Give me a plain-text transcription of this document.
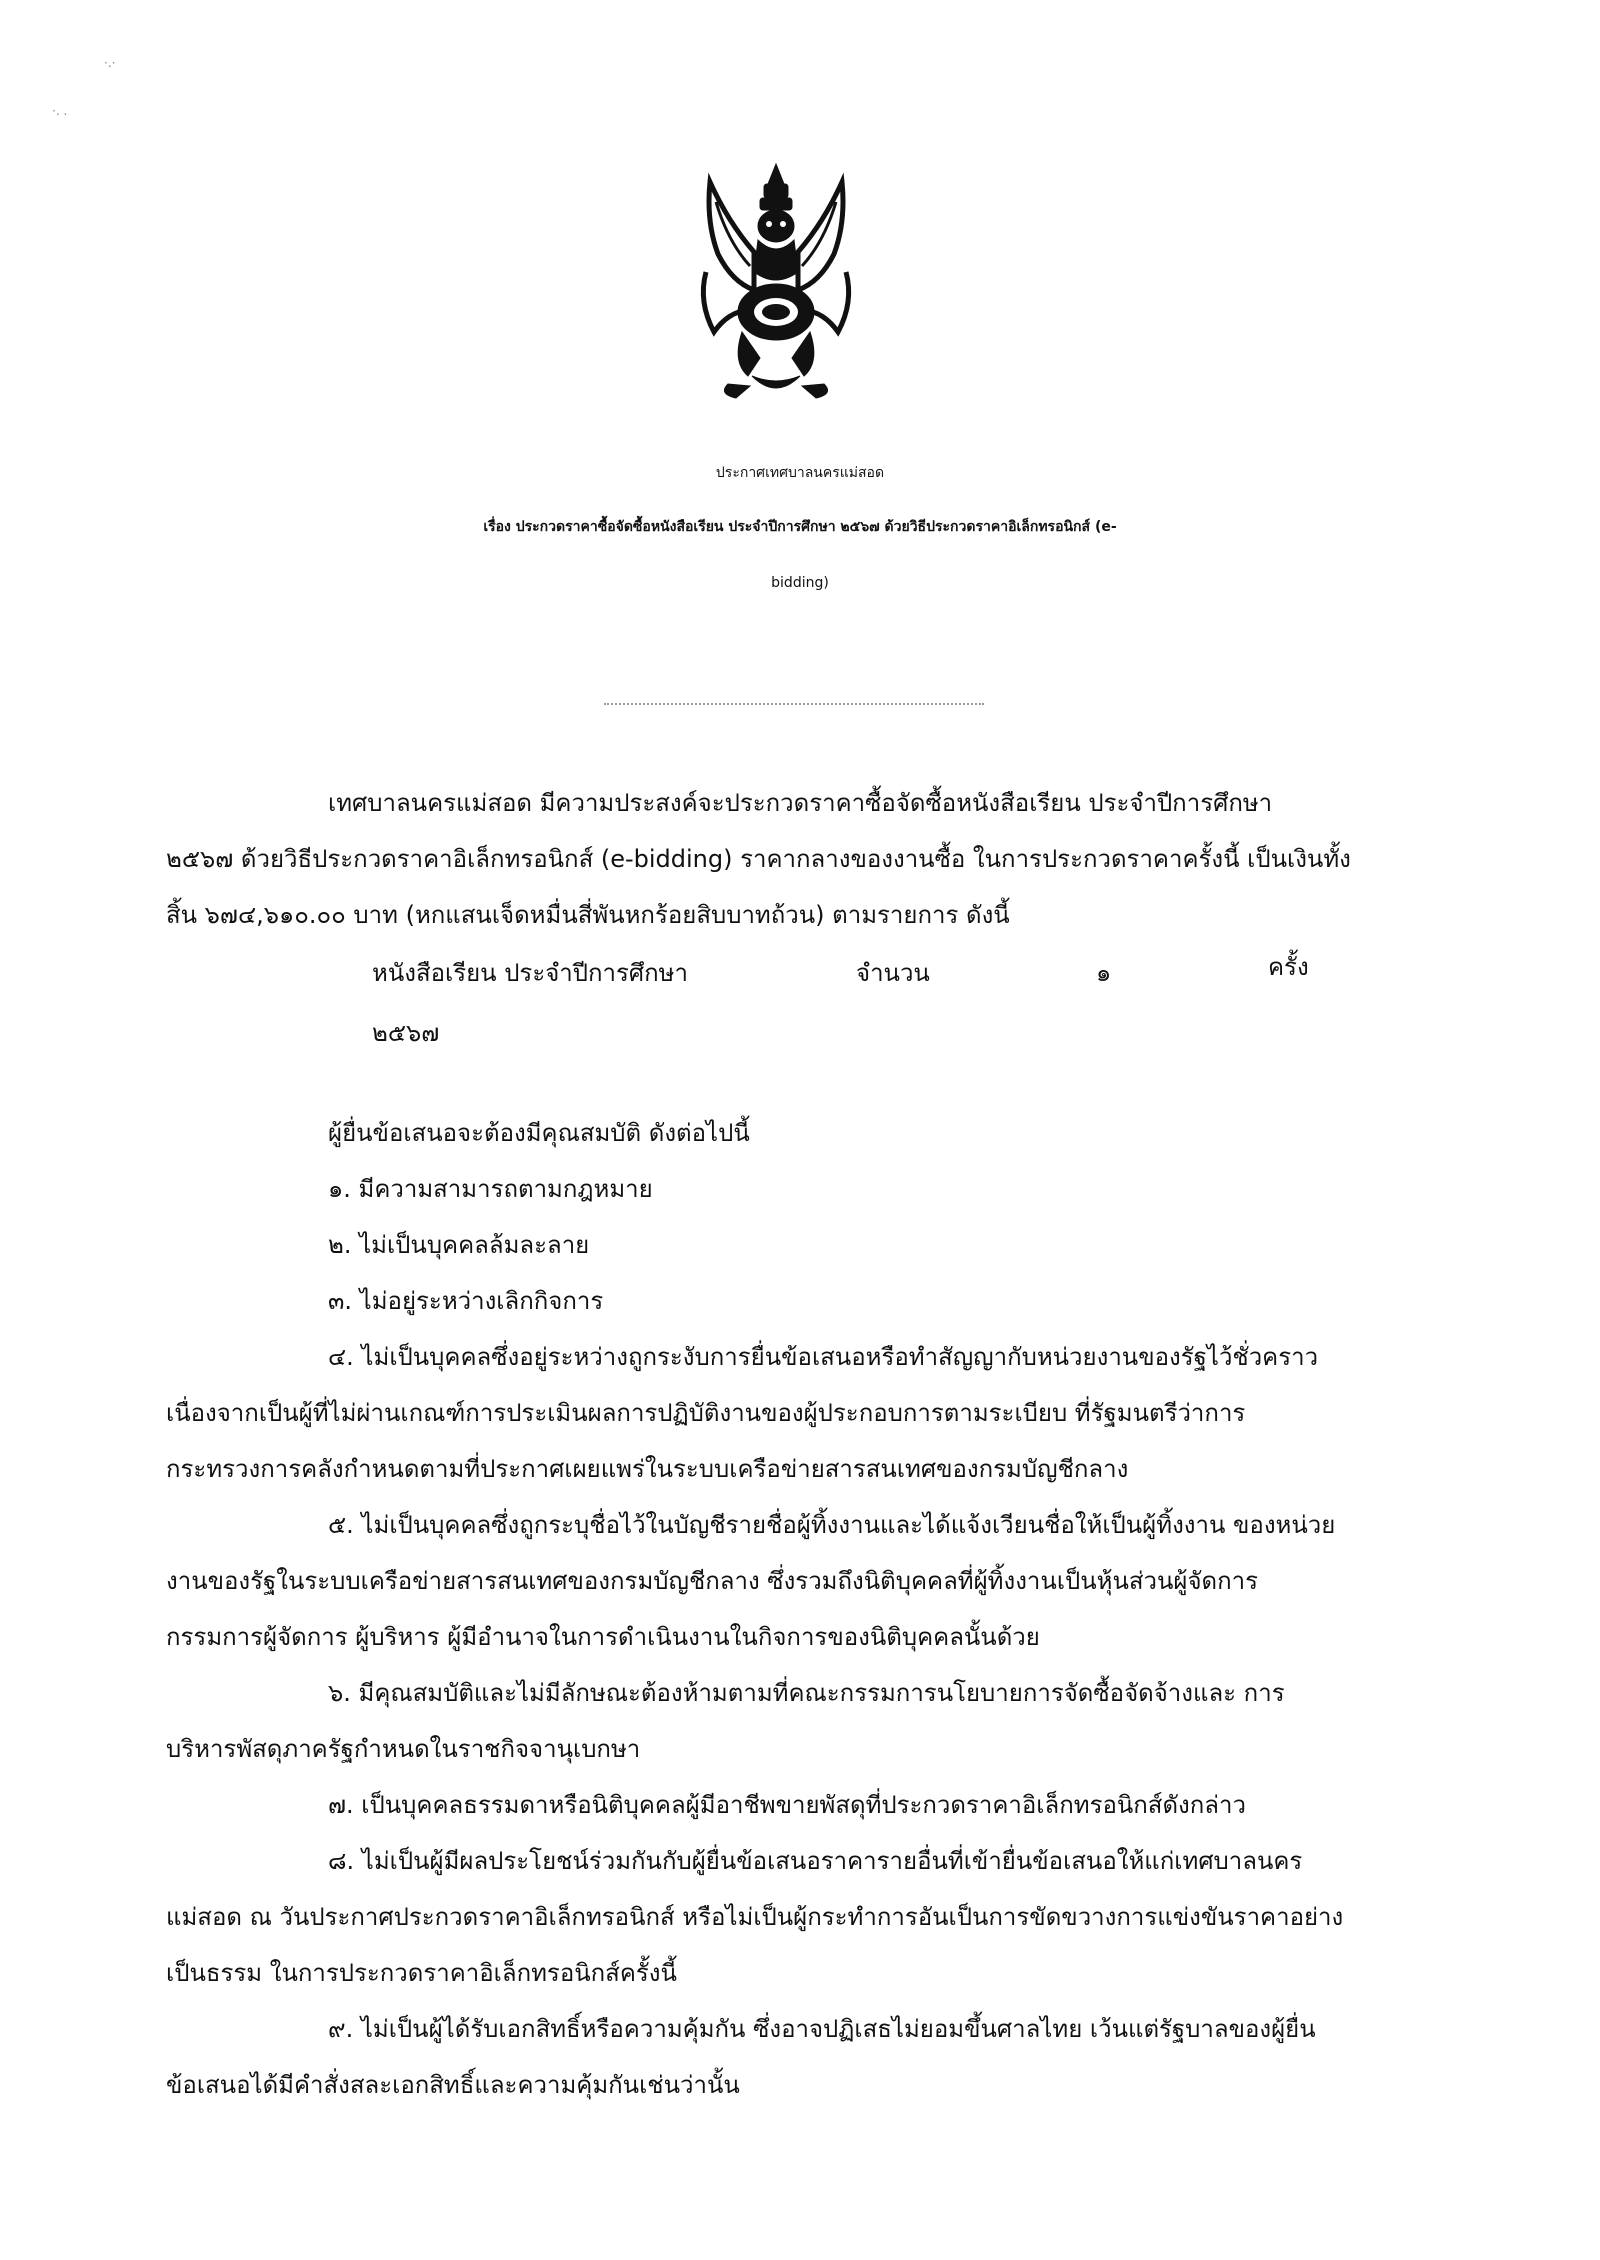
·.·
·. .
ประกาศเทศบาลนครแม่สอด
เรื่อง ประกวดราคาซื้อจัดซื้อหนังสือเรียน ประจำปีการศึกษา ๒๕๖๗ ด้วยวิธีประกวดราคาอิเล็กทรอนิกส์ (e-
bidding)
เทศบาลนครแม่สอด มีความประสงค์จะประกวดราคาซื้อจัดซื้อหนังสือเรียน ประจำปีการศึกษา
๒๕๖๗ ด้วยวิธีประกวดราคาอิเล็กทรอนิกส์ (e-bidding) ราคากลางของงานซื้อ ในการประกวดราคาครั้งนี้ เป็นเงินทั้ง
สิ้น ๖๗๔,๖๑๐.๐๐ บาท (หกแสนเจ็ดหมื่นสี่พันหกร้อยสิบบาทถ้วน) ตามรายการ ดังนี้
หนังสือเรียน ประจำปีการศึกษา	จำนวน	๑	ครั้ง
๒๕๖๗
ผู้ยื่นข้อเสนอจะต้องมีคุณสมบัติ ดังต่อไปนี้
๑. มีความสามารถตามกฎหมาย
๒. ไม่เป็นบุคคลล้มละลาย
๓. ไม่อยู่ระหว่างเลิกกิจการ
๔. ไม่เป็นบุคคลซึ่งอยู่ระหว่างถูกระงับการยื่นข้อเสนอหรือทำสัญญากับหน่วยงานของรัฐไว้ชั่วคราว
เนื่องจากเป็นผู้ที่ไม่ผ่านเกณฑ์การประเมินผลการปฏิบัติงานของผู้ประกอบการตามระเบียบ ที่รัฐมนตรีว่าการ
กระทรวงการคลังกำหนดตามที่ประกาศเผยแพร่ในระบบเครือข่ายสารสนเทศของกรมบัญชีกลาง
๕. ไม่เป็นบุคคลซึ่งถูกระบุชื่อไว้ในบัญชีรายชื่อผู้ทิ้งงานและได้แจ้งเวียนชื่อให้เป็นผู้ทิ้งงาน ของหน่วย
งานของรัฐในระบบเครือข่ายสารสนเทศของกรมบัญชีกลาง ซึ่งรวมถึงนิติบุคคลที่ผู้ทิ้งงานเป็นหุ้นส่วนผู้จัดการ
กรรมการผู้จัดการ ผู้บริหาร ผู้มีอำนาจในการดำเนินงานในกิจการของนิติบุคคลนั้นด้วย
๖. มีคุณสมบัติและไม่มีลักษณะต้องห้ามตามที่คณะกรรมการนโยบายการจัดซื้อจัดจ้างและ การ
บริหารพัสดุภาครัฐกำหนดในราชกิจจานุเบกษา
๗. เป็นบุคคลธรรมดาหรือนิติบุคคลผู้มีอาชีพขายพัสดุที่ประกวดราคาอิเล็กทรอนิกส์ดังกล่าว
๘. ไม่เป็นผู้มีผลประโยชน์ร่วมกันกับผู้ยื่นข้อเสนอราคารายอื่นที่เข้ายื่นข้อเสนอให้แก่เทศบาลนคร
แม่สอด ณ วันประกาศประกวดราคาอิเล็กทรอนิกส์ หรือไม่เป็นผู้กระทำการอันเป็นการขัดขวางการแข่งขันราคาอย่าง
เป็นธรรม ในการประกวดราคาอิเล็กทรอนิกส์ครั้งนี้
๙. ไม่เป็นผู้ได้รับเอกสิทธิ์หรือความคุ้มกัน ซึ่งอาจปฏิเสธไม่ยอมขึ้นศาลไทย เว้นแต่รัฐบาลของผู้ยื่น
ข้อเสนอได้มีคำสั่งสละเอกสิทธิ์และความคุ้มกันเช่นว่านั้น
